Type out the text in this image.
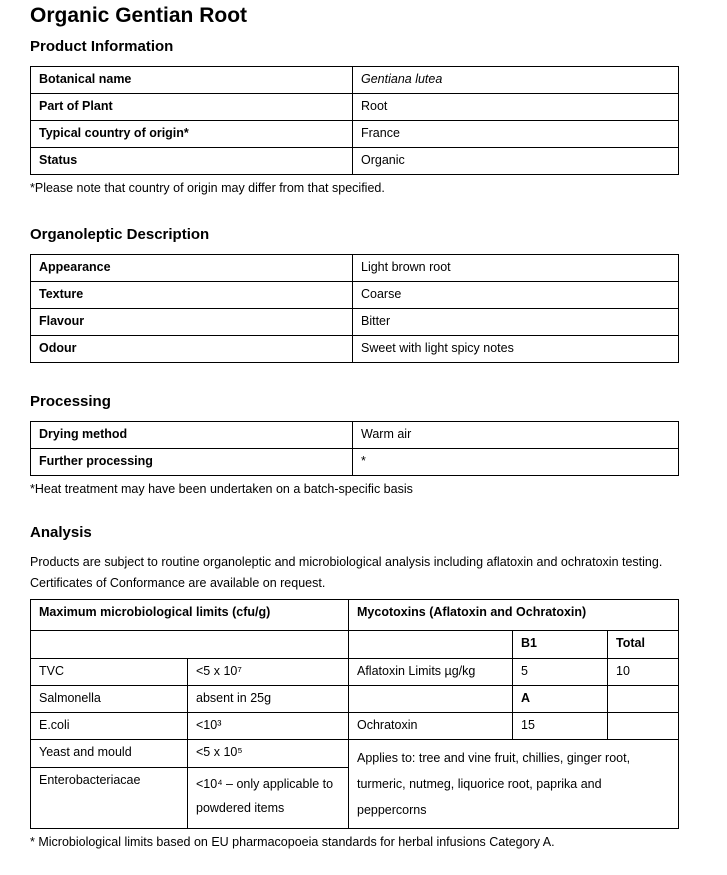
Organic Gentian Root
Product Information
Botanical name	Gentiana lutea
Part of Plant	Root
Typical country of origin*	France
Status	Organic

*Please note that country of origin may differ from that specified.

Organoleptic Description
Appearance	Light brown root
Texture	Coarse
Flavour	Bitter
Odour	Sweet with light spicy notes
Processing
Drying method	Warm air
Further processing	*

*Heat treatment may have been undertaken on a batch-specific basis

Analysis

Products are subject to routine organoleptic and microbiological analysis including aflatoxin and ochratoxin testing. Certificates of Conformance are available on request.

Maximum microbiological limits (cfu/g)		Mycotoxins (Aflatoxin and Ochratoxin)		
			B1	Total
TVC	<5 x 10⁷	Aflatoxin Limits µg/kg	5	10
Salmonella	absent in 25g		A	
E.coli	<10³	Ochratoxin	15	
Yeast and mould	<5 x 10⁵	Applies to: tree and vine fruit, chillies, ginger root, turmeric, nutmeg, liquorice root, paprika and peppercorns		
Enterobacteriacae	<10⁴ – only applicable to powdered items			

* Microbiological limits based on EU pharmacopoeia standards for herbal infusions Category A.
